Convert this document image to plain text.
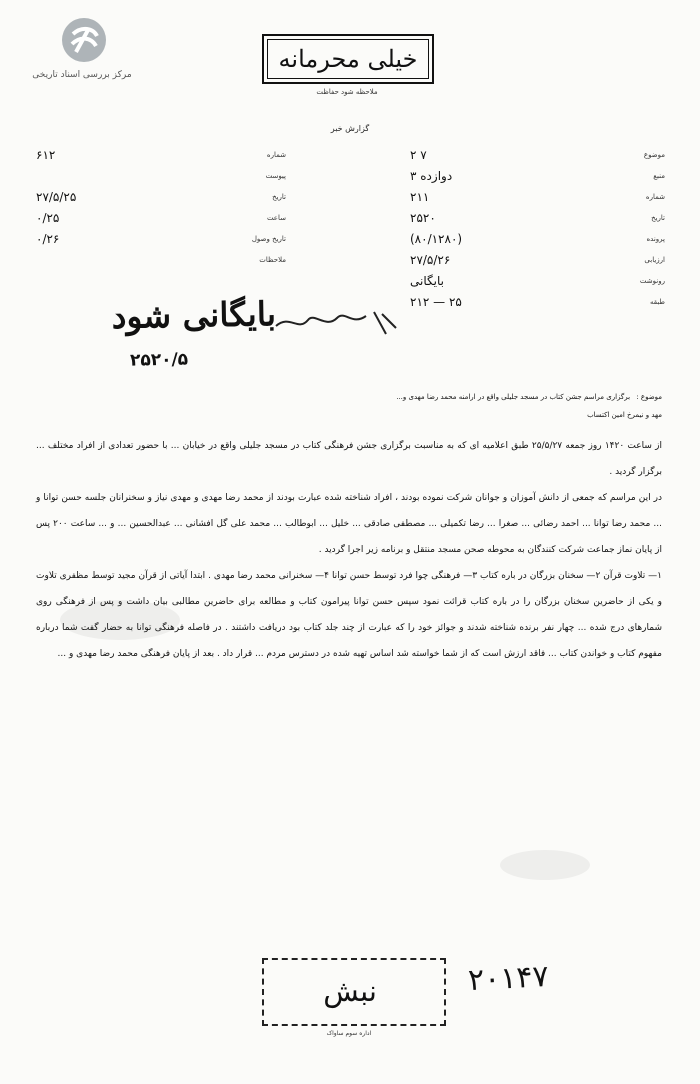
مرکز بررسی اسناد تاریخی
خیلی محرمانه
ملاحظه شود حفاظت
گزارش خبر
شماره
۶۱۲
پیوست
تاریخ
۲۷/۵/۲۵
ساعت
۰/۲۵
تاریخ وصول
۰/۲۶
ملاحظات
موضوع
۲ ۷
منبع
۳ دوازده
شماره
۲۱۱
تاریخ
۲۵۲۰
پرونده
(۸۰/۱۲۸۰)
ارزیابی
۲۷/۵/۲۶
رونوشت
بایگانی
طبقه
۲۱۲ — ۲۵
بایگانی شود
۲۵۲۰/۵
موضوع : برگزاری مراسم جشن کتاب در مسجد جلیلی واقع در ارامنه محمد رضا مهدی و...
مهد و نیمرخ امین اکتساب

از ساعت ۱۴۲۰ روز جمعه ۲۵/۵/۲۷ طبق اعلامیه ای که به مناسبت برگزاری جشن فرهنگی کتاب در مسجد جلیلی واقع در خیابان ... با حضور تعدادی از افراد مختلف ... برگزار گردید .

در این مراسم که جمعی از دانش آموزان و جوانان شرکت نموده بودند ، افراد شناخته شده عبارت بودند از محمد رضا مهدی و مهدی نیاز و سخنرانان جلسه حسن توانا و ... محمد رضا توانا ... احمد رضائی ... صغرا ... رضا تکمیلی ... مصطفی صادقی ... خلیل ... ابوطالب ... محمد علی گل افشانی ... عبدالحسین ... و ... ساعت ۲۰۰ پس از پایان نماز جماعت شرکت کنندگان به محوطه صحن مسجد منتقل و برنامه زیر اجرا گردید .

۱— تلاوت قرآن ۲— سخنان بزرگان در باره کتاب ۳— فرهنگی چوا فرد توسط حسن توانا ۴— سخنرانی محمد رضا مهدی . ابتدا آیاتی از قرآن مجید توسط مظفری تلاوت و یکی از حاضرین سخنان بزرگان را در باره کتاب قرائت نمود سپس حسن توانا پیرامون کتاب و مطالعه برای حاضرین مطالبی بیان داشت و پس از فرهنگی روی شمارهای درج شده ... چهار نفر برنده شناخته شدند و جوائز خود را که عبارت از چند جلد کتاب بود دریافت داشتند . در فاصله فرهنگی توانا به حضار گفت شما درباره مفهوم کتاب و خواندن کتاب ... فاقد ارزش است که از شما خواسته شد اساس تهیه شده در دسترس مردم ... قرار داد . بعد از پایان فرهنگی محمد رضا مهدی و ...

نبش	۲۰۱۴۷
اداره سوم ساواک
